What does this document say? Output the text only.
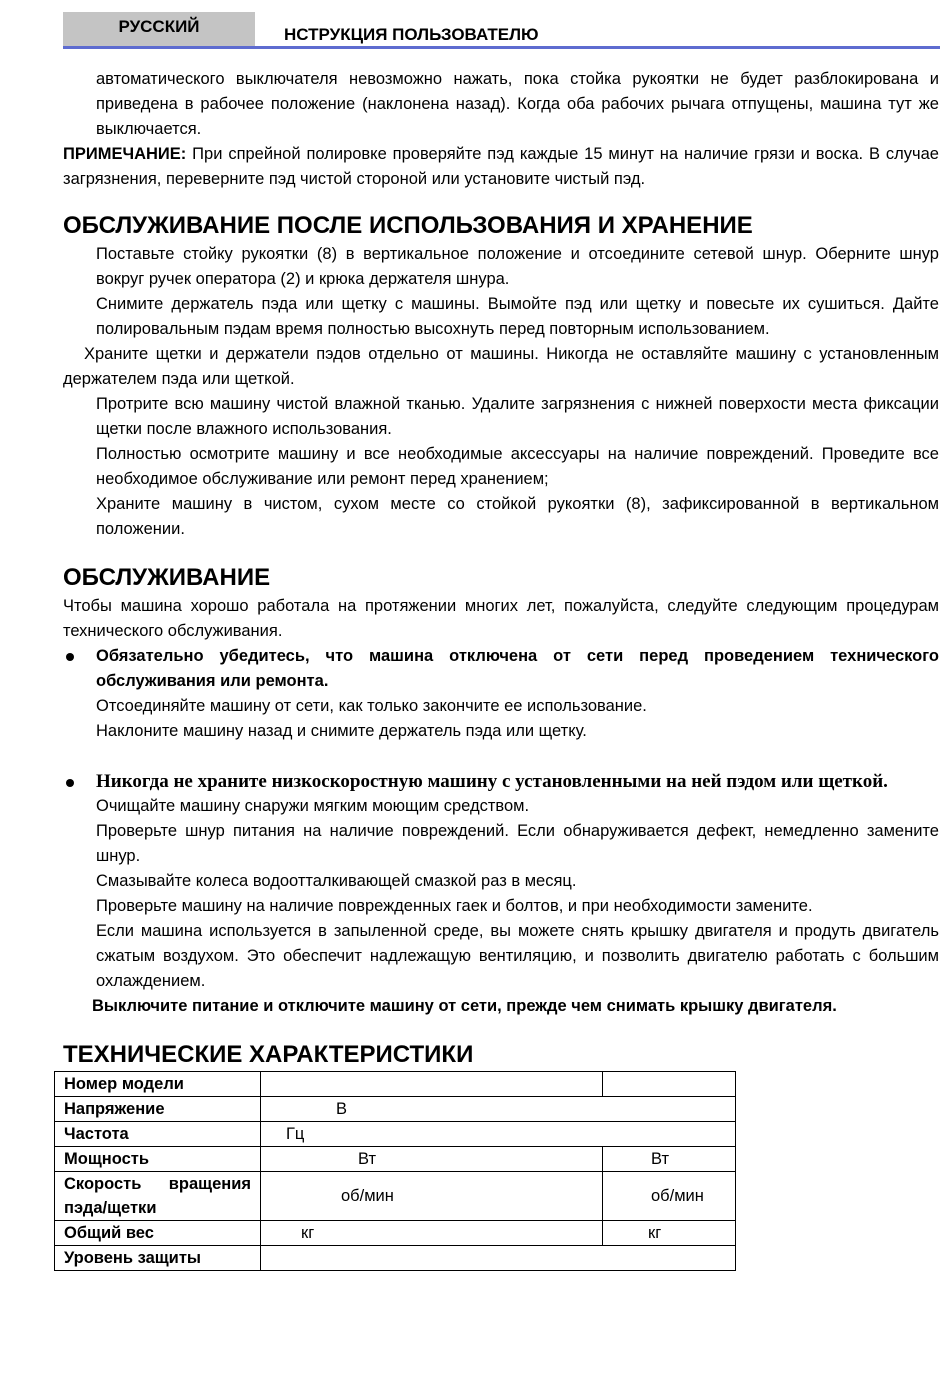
РУССКИЙ	НСТРУКЦИЯ ПОЛЬЗОВАТЕЛЮ

автоматического выключателя невозможно нажать, пока стойка рукоятки не будет разблокирована и приведена в рабочее положение (наклонена назад). Когда оба рабочих рычага отпущены, машина тут же выключается.

ПРИМЕЧАНИЕ: При спрейной полировке проверяйте пэд каждые 15 минут на наличие грязи и воска. В случае загрязнения, переверните пэд чистой стороной или установите чистый пэд.

ОБСЛУЖИВАНИЕ ПОСЛЕ ИСПОЛЬЗОВАНИЯ И ХРАНЕНИЕ

Поставьте стойку рукоятки (8) в вертикальное положение и отсоедините сетевой шнур. Оберните шнур вокруг ручек оператора (2) и крюка держателя шнура.

Снимите держатель пэда или щетку с машины. Вымойте пэд или щетку и повесьте их сушиться. Дайте полировальным пэдам время полностью высохнуть перед повторным использованием.

Храните щетки и держатели пэдов отдельно от машины. Никогда не оставляйте машину с установленным держателем пэда или щеткой.

Протрите всю машину чистой влажной тканью. Удалите загрязнения с нижней поверхости места фиксации щетки после влажного использования.

Полностью осмотрите машину и все необходимые аксессуары на наличие повреждений. Проведите все необходимое обслуживание или ремонт перед хранением;

Храните машину в чистом, сухом месте со стойкой рукоятки (8), зафиксированной в вертикальном положении.

ОБСЛУЖИВАНИЕ

Чтобы машина хорошо работала на протяжении многих лет, пожалуйста, следуйте следующим процедурам технического обслуживания.

Обязательно убедитесь, что машина отключена от сети перед проведением технического обслуживания или ремонта.

Отсоединяйте машину от сети, как только закончите ее использование.

Наклоните машину назад и снимите держатель пэда или щетку.

Никогда не храните низкоскоростную машину с установленными на ней пэдом или щеткой.

Очищайте машину снаружи мягким моющим средством.

Проверьте шнур питания на наличие повреждений. Если обнаруживается дефект, немедленно замените шнур.

Смазывайте колеса водоотталкивающей смазкой раз в месяц.

Проверьте машину на наличие поврежденных гаек и болтов, и при необходимости замените.

Если машина используется в запыленной среде, вы можете снять крышку двигателя и продуть двигатель сжатым воздухом. Это обеспечит надлежащую вентиляцию, и позволить двигателю работать с большим охлаждением.

Выключите питание и отключите машину от сети, прежде чем снимать крышку двигателя.

ТЕХНИЧЕСКИЕ ХАРАКТЕРИСТИКИ
Номер модели		
Напряжение	В	
Частота	Гц	
Мощность	Вт	Вт
Скорость вращения пэда/щетки	об/мин	об/мин
Общий вес	кг	кг
Уровень защиты		
